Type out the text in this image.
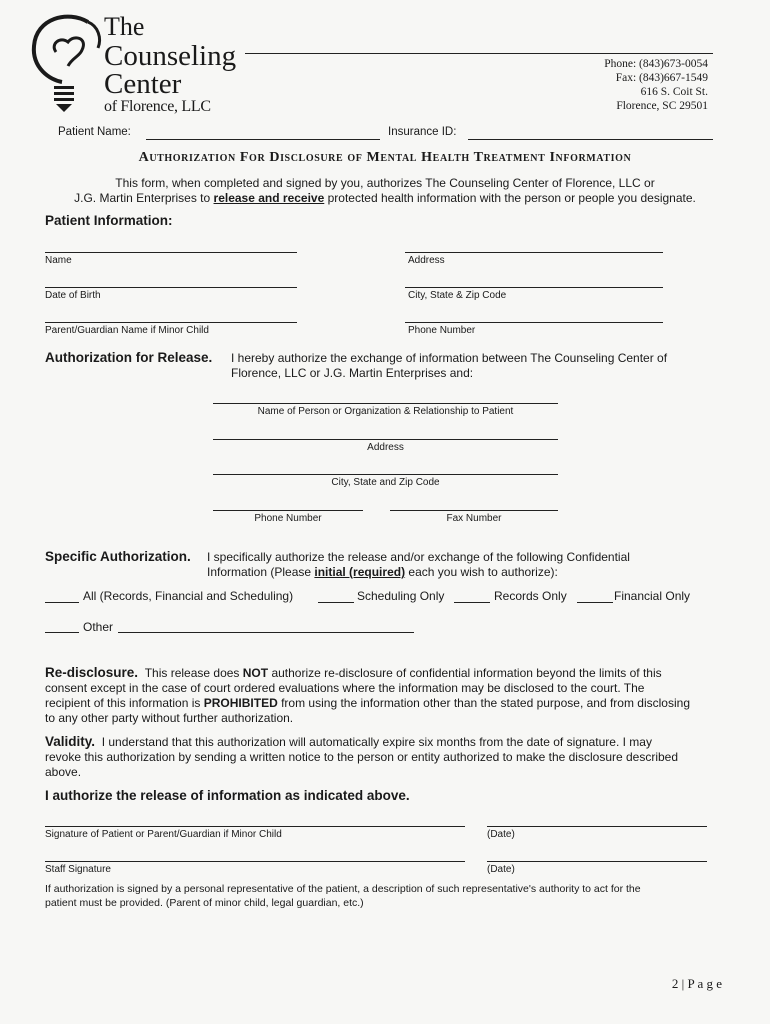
The
Counseling
Center
of Florence, LLC
Phone: (843)673-0054
Fax: (843)667-1549
616 S. Coit St.
Florence, SC 29501
Patient Name:	Insurance ID:
Authorization For Disclosure of Mental Health Treatment Information
This form, when completed and signed by you, authorizes The Counseling Center of Florence, LLC or
J.G. Martin Enterprises to release and receive protected health information with the person or people you designate.
Patient Information:
Name	Address
Date of Birth	City, State & Zip Code
Parent/Guardian Name if Minor Child	Phone Number
Authorization for Release. I hereby authorize the exchange of information between The Counseling Center of
Florence, LLC or J.G. Martin Enterprises and:
Name of Person or Organization & Relationship to Patient
Address
City, State and Zip Code
Phone Number	Fax Number
Specific Authorization. I specifically authorize the release and/or exchange of the following Confidential
Information (Please initial (required) each you wish to authorize):
All (Records, Financial and Scheduling)	Scheduling Only	Records Only	Financial Only
Other
Re-disclosure. This release does NOT authorize re-disclosure of confidential information beyond the limits of this
consent except in the case of court ordered evaluations where the information may be disclosed to the court. The
recipient of this information is PROHIBITED from using the information other than the stated purpose, and from disclosing
to any other party without further authorization.
Validity. I understand that this authorization will automatically expire six months from the date of signature. I may
revoke this authorization by sending a written notice to the person or entity authorized to make the disclosure described
above.
I authorize the release of information as indicated above.
Signature of Patient or Parent/Guardian if Minor Child	(Date)
Staff Signature	(Date)
If authorization is signed by a personal representative of the patient, a description of such representative's authority to act for the
patient must be provided. (Parent of minor child, legal guardian, etc.)
2 | P a g e
